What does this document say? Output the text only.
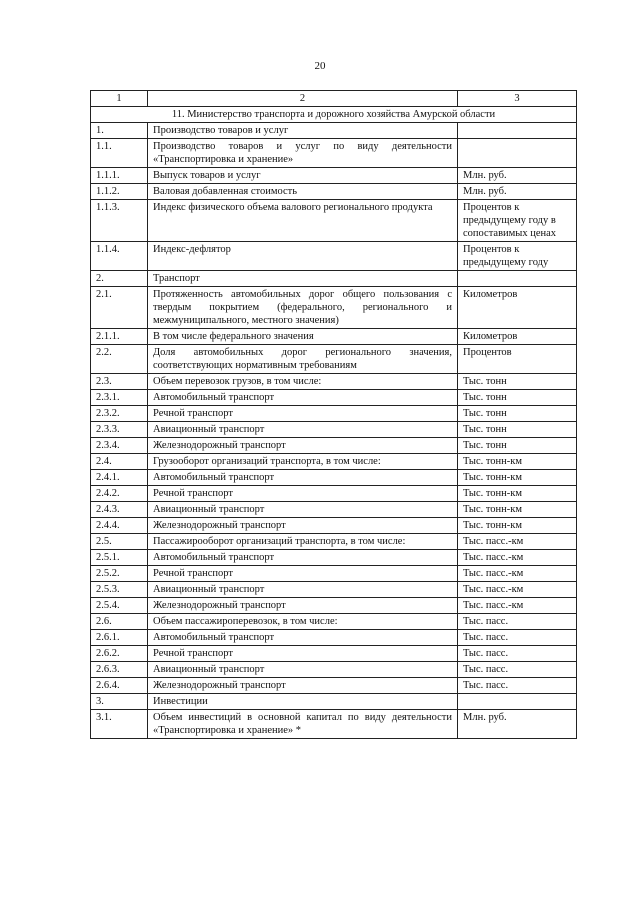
20
1	2	3
11. Министерство транспорта и дорожного хозяйства Амурской области		
1.	Производство товаров и услуг	
1.1.	Производство товаров и услуг по виду деятельности «Транспортировка и хранение»	
1.1.1.	Выпуск товаров и услуг	Млн. руб.
1.1.2.	Валовая добавленная стоимость	Млн. руб.
1.1.3.	Индекс физического объема валового регионального продукта	Процентов к предыдущему году в сопоставимых ценах
1.1.4.	Индекс-дефлятор	Процентов к предыдущему году
2.	Транспорт	
2.1.	Протяженность автомобильных дорог общего пользования с твердым покрытием (федерального, регионального и межмуниципального, местного значения)	Километров
2.1.1.	В том числе федерального значения	Километров
2.2.	Доля автомобильных дорог регионального значения, соответствующих нормативным требованиям	Процентов
2.3.	Объем перевозок грузов, в том числе:	Тыс. тонн
2.3.1.	Автомобильный транспорт	Тыс. тонн
2.3.2.	Речной транспорт	Тыс. тонн
2.3.3.	Авиационный транспорт	Тыс. тонн
2.3.4.	Железнодорожный транспорт	Тыс. тонн
2.4.	Грузооборот организаций транспорта, в том числе:	Тыс. тонн-км
2.4.1.	Автомобильный транспорт	Тыс. тонн-км
2.4.2.	Речной транспорт	Тыс. тонн-км
2.4.3.	Авиационный транспорт	Тыс. тонн-км
2.4.4.	Железнодорожный транспорт	Тыс. тонн-км
2.5.	Пассажирооборот организаций транспорта, в том числе:	Тыс. пасс.-км
2.5.1.	Автомобильный транспорт	Тыс. пасс.-км
2.5.2.	Речной транспорт	Тыс. пасс.-км
2.5.3.	Авиационный транспорт	Тыс. пасс.-км
2.5.4.	Железнодорожный транспорт	Тыс. пасс.-км
2.6.	Объем пассажироперевозок, в том числе:	Тыс. пасс.
2.6.1.	Автомобильный транспорт	Тыс. пасс.
2.6.2.	Речной транспорт	Тыс. пасс.
2.6.3.	Авиационный транспорт	Тыс. пасс.
2.6.4.	Железнодорожный транспорт	Тыс. пасс.
3.	Инвестиции	
3.1.	Объем инвестиций в основной капитал по виду деятельности «Транспортировка и хранение» *	Млн. руб.
